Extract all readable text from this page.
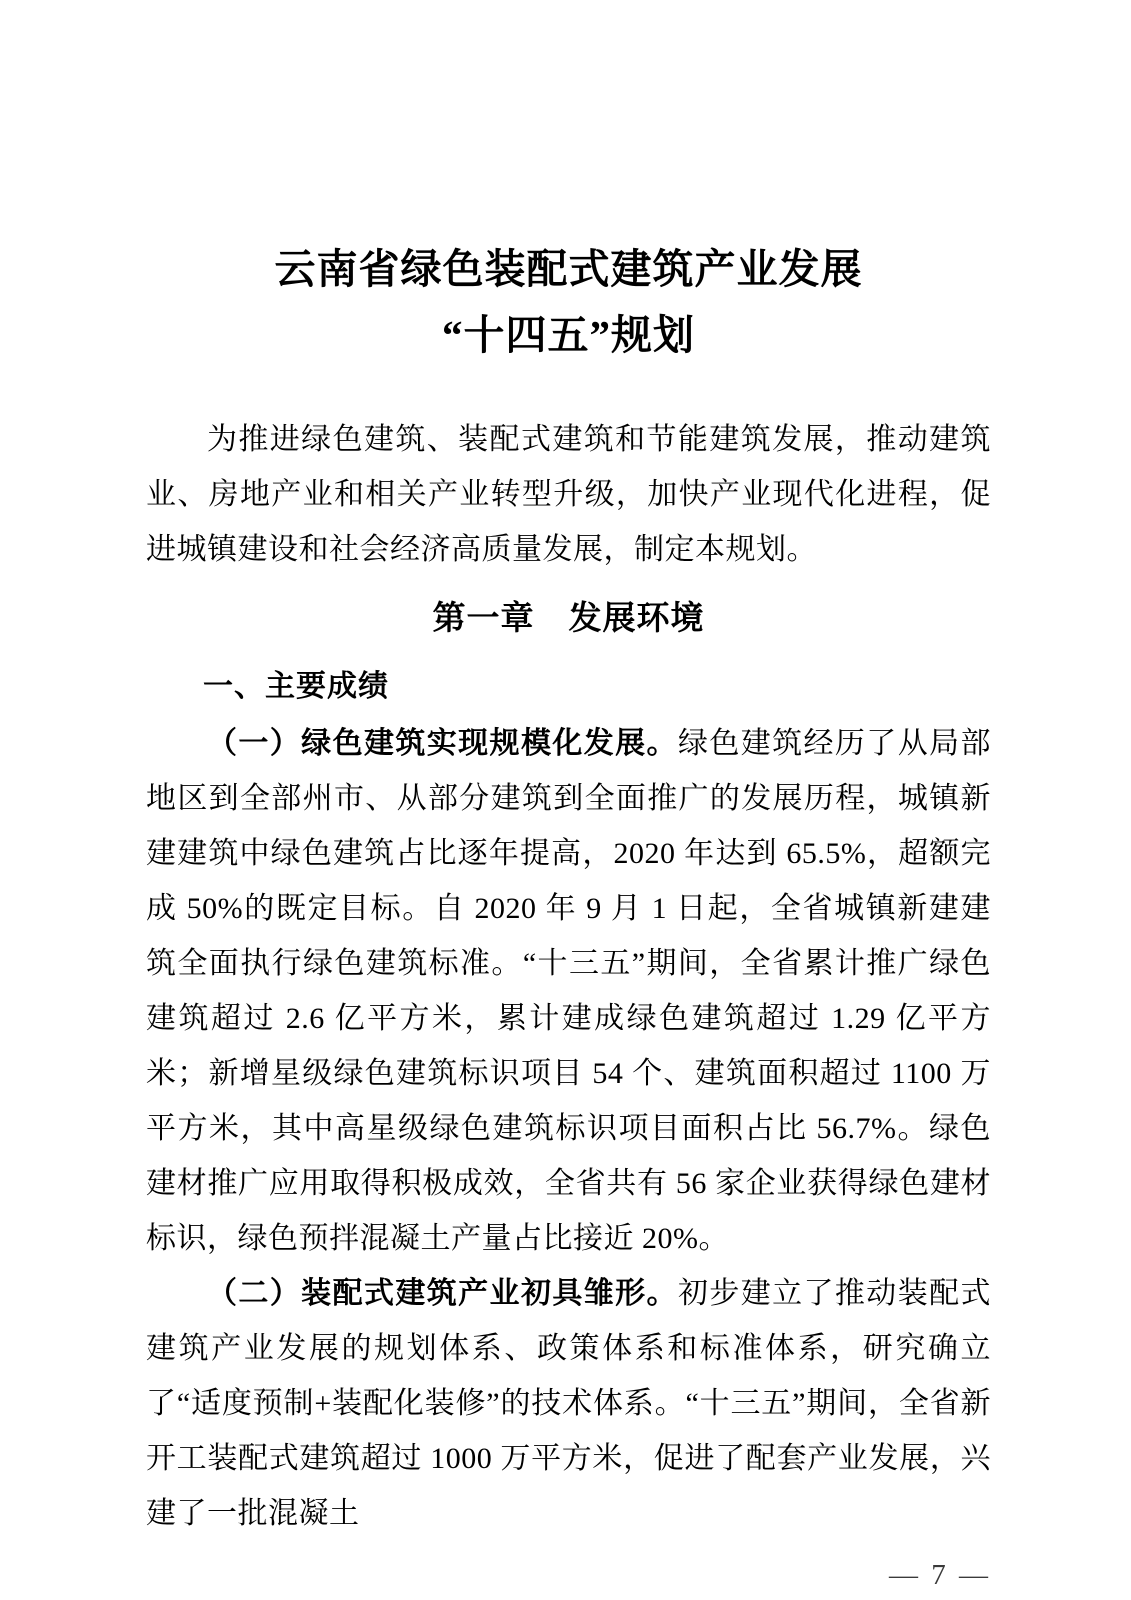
云南省绿色装配式建筑产业发展
“十四五”规划

为推进绿色建筑、装配式建筑和节能建筑发展，推动建筑业、房地产业和相关产业转型升级，加快产业现代化进程，促进城镇建设和社会经济高质量发展，制定本规划。

第一章　发展环境
一、主要成绩

（一）绿色建筑实现规模化发展。绿色建筑经历了从局部地区到全部州市、从部分建筑到全面推广的发展历程，城镇新建建筑中绿色建筑占比逐年提高，2020 年达到 65.5%，超额完成 50%的既定目标。自 2020 年 9 月 1 日起，全省城镇新建建筑全面执行绿色建筑标准。“十三五”期间，全省累计推广绿色建筑超过 2.6 亿平方米，累计建成绿色建筑超过 1.29 亿平方米；新增星级绿色建筑标识项目 54 个、建筑面积超过 1100 万平方米，其中高星级绿色建筑标识项目面积占比 56.7%。绿色建材推广应用取得积极成效，全省共有 56 家企业获得绿色建材标识，绿色预拌混凝土产量占比接近 20%。

（二）装配式建筑产业初具雏形。初步建立了推动装配式建筑产业发展的规划体系、政策体系和标准体系，研究确立了“适度预制+装配化装修”的技术体系。“十三五”期间，全省新开工装配式建筑超过 1000 万平方米，促进了配套产业发展，兴建了一批混凝土

— 7 —
